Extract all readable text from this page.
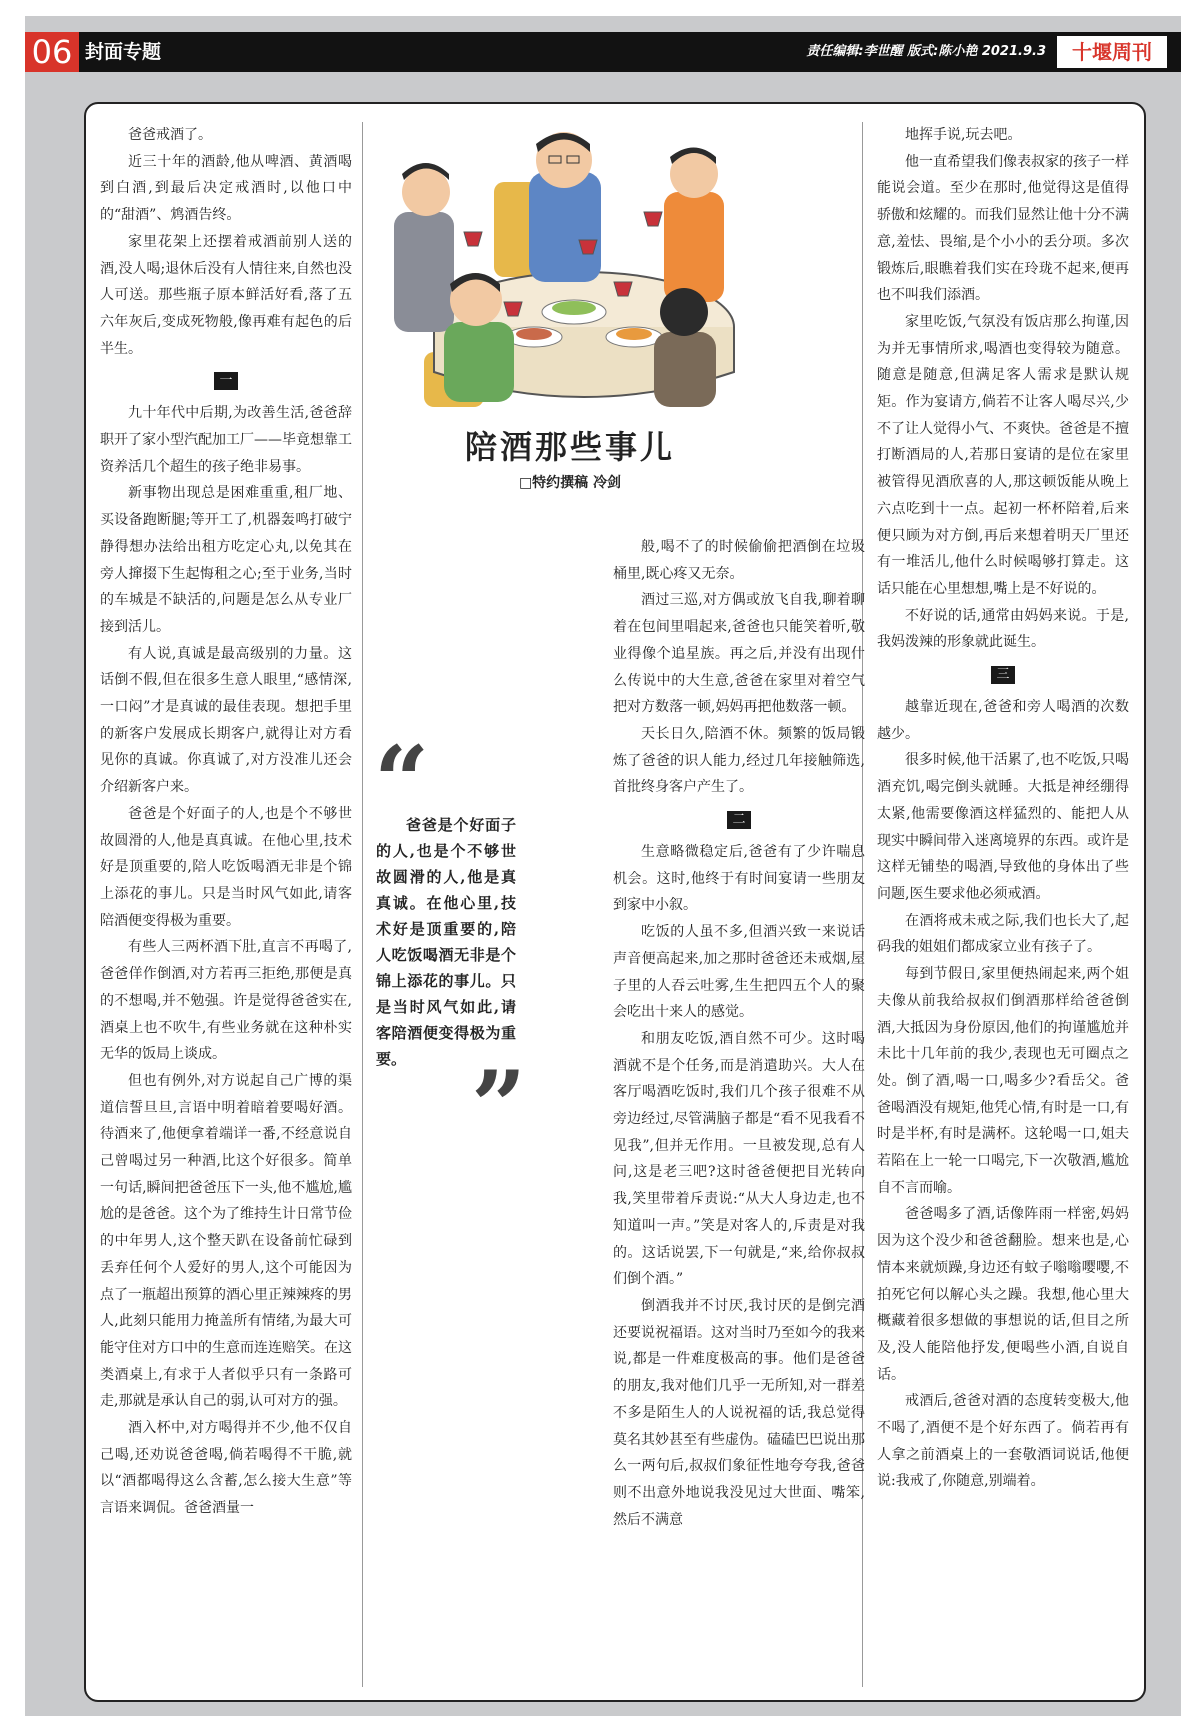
06 封面专题	责任编辑:李世醒 版式:陈小艳 2021.9.3	十堰周刊

爸爸戒酒了。

近三十年的酒龄,他从啤酒、黄酒喝到白酒,到最后决定戒酒时,以他口中的“甜酒”、鸩酒告终。

家里花架上还摆着戒酒前别人送的酒,没人喝;退休后没有人情往来,自然也没人可送。那些瓶子原本鲜活好看,落了五六年灰后,变成死物般,像再难有起色的后半生。

一

九十年代中后期,为改善生活,爸爸辞职开了家小型汽配加工厂——毕竟想靠工资养活几个超生的孩子绝非易事。

新事物出现总是困难重重,租厂地、买设备跑断腿;等开工了,机器轰鸣打破宁静得想办法给出租方吃定心丸,以免其在旁人撺掇下生起悔租之心;至于业务,当时的车城是不缺活的,问题是怎么从专业厂接到活儿。

有人说,真诚是最高级别的力量。这话倒不假,但在很多生意人眼里,“感情深,一口闷”才是真诚的最佳表现。想把手里的新客户发展成长期客户,就得让对方看见你的真诚。你真诚了,对方没准儿还会介绍新客户来。

爸爸是个好面子的人,也是个不够世故圆滑的人,他是真真诚。在他心里,技术好是顶重要的,陪人吃饭喝酒无非是个锦上添花的事儿。只是当时风气如此,请客陪酒便变得极为重要。

有些人三两杯酒下肚,直言不再喝了,爸爸佯作倒酒,对方若再三拒绝,那便是真的不想喝,并不勉强。许是觉得爸爸实在,酒桌上也不吹牛,有些业务就在这种朴实无华的饭局上谈成。

但也有例外,对方说起自己广博的渠道信誓旦旦,言语中明着暗着要喝好酒。待酒来了,他便拿着端详一番,不经意说自己曾喝过另一种酒,比这个好很多。简单一句话,瞬间把爸爸压下一头,他不尴尬,尴尬的是爸爸。这个为了维持生计日常节俭的中年男人,这个整天趴在设备前忙碌到丢弃任何个人爱好的男人,这个可能因为点了一瓶超出预算的酒心里正辣辣疼的男人,此刻只能用力掩盖所有情绪,为最大可能守住对方口中的生意而连连赔笑。在这类酒桌上,有求于人者似乎只有一条路可走,那就是承认自己的弱,认可对方的强。

酒入杯中,对方喝得并不少,他不仅自己喝,还劝说爸爸喝,倘若喝得不干脆,就以“酒都喝得这么含蓄,怎么接大生意”等言语来调侃。爸爸酒量一

陪酒那些事儿
□特约撰稿 冷剑
“
爸爸是个好面子的人,也是个不够世故圆滑的人,他是真真诚。在他心里,技术好是顶重要的,陪人吃饭喝酒无非是个锦上添花的事儿。只是当时风气如此,请客陪酒便变得极为重要。 ”

般,喝不了的时候偷偷把酒倒在垃圾桶里,既心疼又无奈。

酒过三巡,对方偶或放飞自我,聊着聊着在包间里唱起来,爸爸也只能笑着听,敬业得像个追星族。再之后,并没有出现什么传说中的大生意,爸爸在家里对着空气把对方数落一顿,妈妈再把他数落一顿。

天长日久,陪酒不休。频繁的饭局锻炼了爸爸的识人能力,经过几年接触筛选,首批终身客户产生了。

二

生意略微稳定后,爸爸有了少许喘息机会。这时,他终于有时间宴请一些朋友到家中小叙。

吃饭的人虽不多,但酒兴致一来说话声音便高起来,加之那时爸爸还未戒烟,屋子里的人吞云吐雾,生生把四五个人的聚会吃出十来人的感觉。

和朋友吃饭,酒自然不可少。这时喝酒就不是个任务,而是消遣助兴。大人在客厅喝酒吃饭时,我们几个孩子很难不从旁边经过,尽管满脑子都是“看不见我看不见我”,但并无作用。一旦被发现,总有人问,这是老三吧?这时爸爸便把目光转向我,笑里带着斥责说:“从大人身边走,也不知道叫一声。”笑是对客人的,斥责是对我的。这话说罢,下一句就是,“来,给你叔叔们倒个酒。”

倒酒我并不讨厌,我讨厌的是倒完酒还要说祝福语。这对当时乃至如今的我来说,都是一件难度极高的事。他们是爸爸的朋友,我对他们几乎一无所知,对一群差不多是陌生人的人说祝福的话,我总觉得莫名其妙甚至有些虚伪。磕磕巴巴说出那么一两句后,叔叔们象征性地夸夸我,爸爸则不出意外地说我没见过大世面、嘴笨,然后不满意

地挥手说,玩去吧。

他一直希望我们像表叔家的孩子一样能说会道。至少在那时,他觉得这是值得骄傲和炫耀的。而我们显然让他十分不满意,羞怯、畏缩,是个小小的丢分项。多次锻炼后,眼瞧着我们实在玲珑不起来,便再也不叫我们添酒。

家里吃饭,气氛没有饭店那么拘谨,因为并无事情所求,喝酒也变得较为随意。随意是随意,但满足客人需求是默认规矩。作为宴请方,倘若不让客人喝尽兴,少不了让人觉得小气、不爽快。爸爸是不擅打断酒局的人,若那日宴请的是位在家里被管得见酒欣喜的人,那这顿饭能从晚上六点吃到十一点。起初一杯杯陪着,后来便只顾为对方倒,再后来想着明天厂里还有一堆活儿,他什么时候喝够打算走。这话只能在心里想想,嘴上是不好说的。

不好说的话,通常由妈妈来说。于是,我妈泼辣的形象就此诞生。

三

越靠近现在,爸爸和旁人喝酒的次数越少。

很多时候,他干活累了,也不吃饭,只喝酒充饥,喝完倒头就睡。大抵是神经绷得太紧,他需要像酒这样猛烈的、能把人从现实中瞬间带入迷离境界的东西。或许是这样无铺垫的喝酒,导致他的身体出了些问题,医生要求他必须戒酒。

在酒将戒未戒之际,我们也长大了,起码我的姐姐们都成家立业有孩子了。

每到节假日,家里便热闹起来,两个姐夫像从前我给叔叔们倒酒那样给爸爸倒酒,大抵因为身份原因,他们的拘谨尴尬并未比十几年前的我少,表现也无可圈点之处。倒了酒,喝一口,喝多少?看岳父。爸爸喝酒没有规矩,他凭心情,有时是一口,有时是半杯,有时是满杯。这轮喝一口,姐夫若陷在上一轮一口喝完,下一次敬酒,尴尬自不言而喻。

爸爸喝多了酒,话像阵雨一样密,妈妈因为这个没少和爸爸翻脸。想来也是,心情本来就烦躁,身边还有蚊子嗡嗡嘤嘤,不拍死它何以解心头之躁。我想,他心里大概藏着很多想做的事想说的话,但目之所及,没人能陪他抒发,便喝些小酒,自说自话。

戒酒后,爸爸对酒的态度转变极大,他不喝了,酒便不是个好东西了。倘若再有人拿之前酒桌上的一套敬酒词说话,他便说:我戒了,你随意,别端着。
